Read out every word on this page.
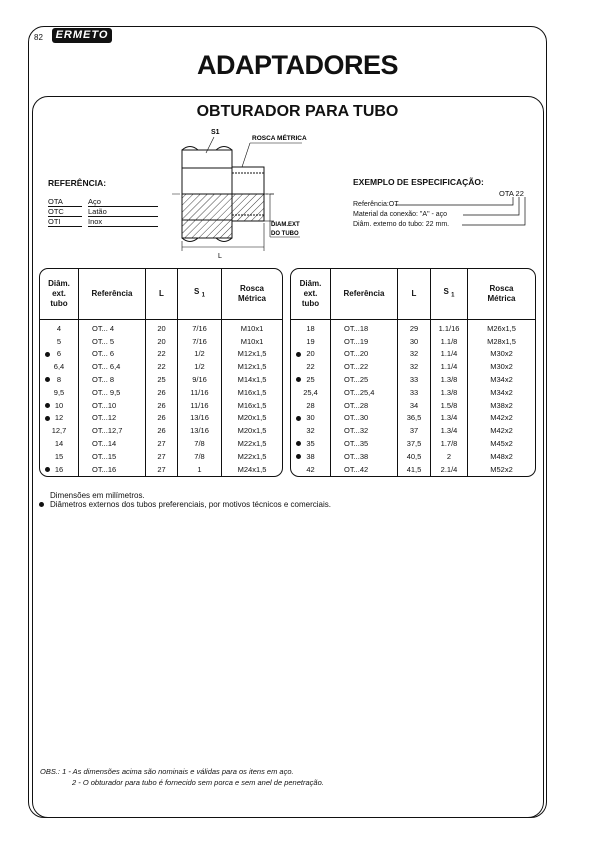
82	ERMETO
ADAPTADORES
OBTURADOR PARA TUBO
S1
ROSCA MÉTRICA
DIAM.EXT
DO TUBO
L
REFERÊNCIA:
OTA	Aço
OTC	Latão
OTI	Inox
EXEMPLO DE ESPECIFICAÇÃO:
OTA 22
Referência:OT
Material da conexão: "A" - aço
Diâm. externo do tubo: 22 mm.
Diâm.
ext.
tubo	Referência	L	S $_1$	Rosca
Métrica
4	OT... 4	20	7/16	M10x1
5	OT... 5	20	7/16	M10x1

6	OT... 6	22	1/2	M12x1,5
6,4	OT... 6,4	22	1/2	M12x1,5

8	OT... 8	25	9/16	M14x1,5
9,5	OT... 9,5	26	11/16	M16x1,5

10	OT...10	26	11/16	M16x1,5

12	OT...12	26	13/16	M20x1,5
12,7	OT...12,7	26	13/16	M20x1,5
14	OT...14	27	7/8	M22x1,5
15	OT...15	27	7/8	M22x1,5

16	OT...16	27	1	M24x1,5
Diâm.
ext.
tubo	Referência	L	S $_1$	Rosca
Métrica
18	OT...18	29	1.1/16	M26x1,5
19	OT...19	30	1.1/8	M28x1,5

20	OT...20	32	1.1/4	M30x2
22	OT...22	32	1.1/4	M30x2

25	OT...25	33	1.3/8	M34x2
25,4	OT...25,4	33	1.3/8	M34x2
28	OT...28	34	1.5/8	M38x2

30	OT...30	36,5	1.3/4	M42x2
32	OT...32	37	1.3/4	M42x2

35	OT...35	37,5	1.7/8	M45x2

38	OT...38	40,5	2	M48x2
42	OT...42	41,5	2.1/4	M52x2
Dimensões em milímetros.
Diâmetros externos dos tubos preferenciais, por motivos técnicos e comerciais.
OBS.: 1 - As dimensões acima são nominais e válidas para os itens em aço.
2 - O obturador para tubo é fornecido sem porca e sem anel de penetração.
